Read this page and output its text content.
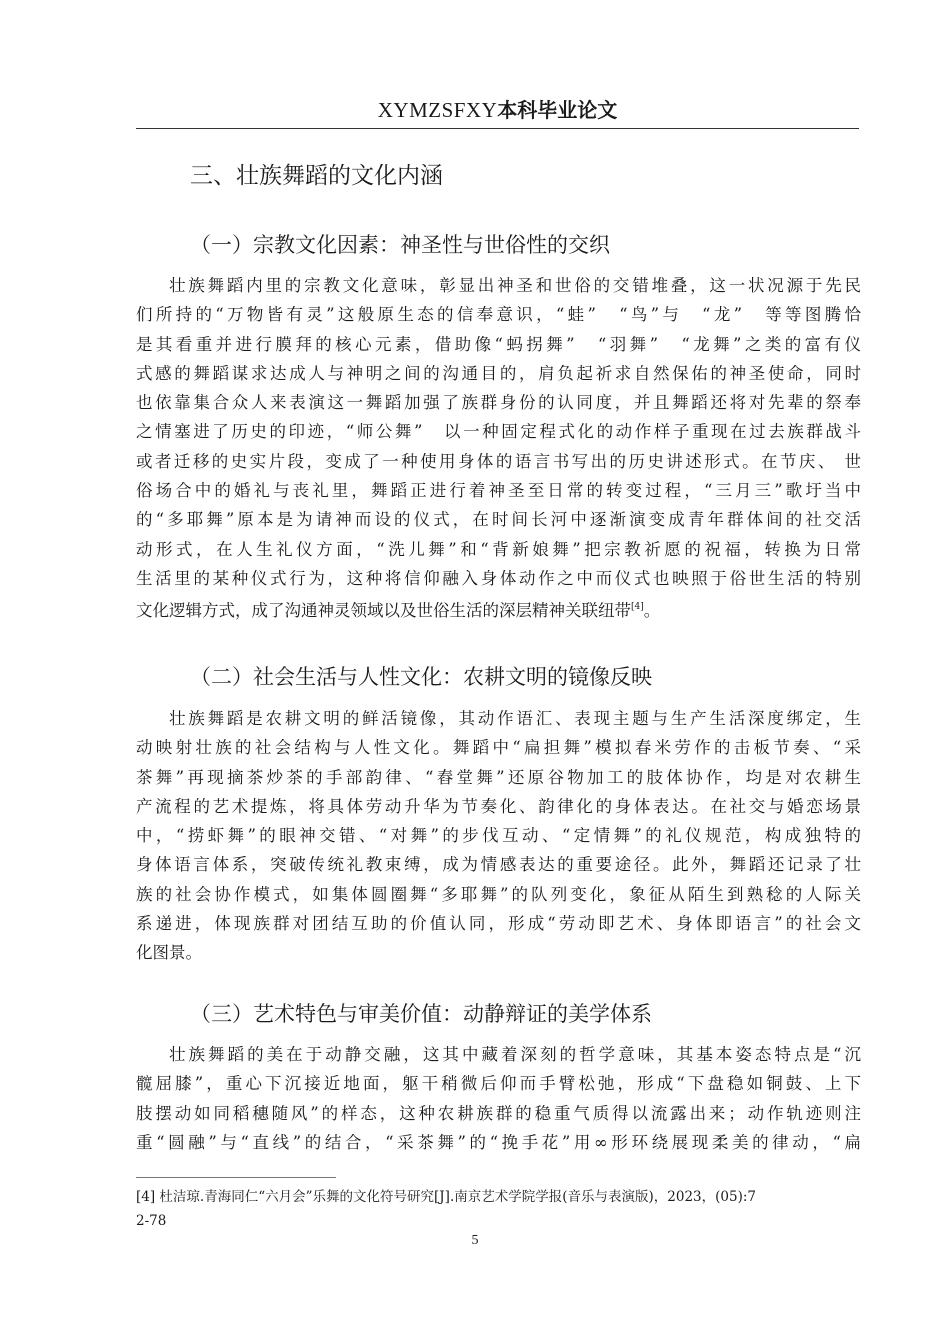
XYMZSFXY本科毕业论文
三、壮族舞蹈的文化内涵
（一）宗教文化因素：神圣性与世俗性的交织
壮族舞蹈内里的宗教文化意味，彰显出神圣和世俗的交错堆叠，这一状况源于先民
们所持的“万物皆有灵”这般原生态的信奉意识，“蛙”　“鸟”与　“龙”　等等图腾恰
是其看重并进行膜拜的核心元素，借助像“蚂拐舞”　“羽舞”　“龙舞”之类的富有仪
式感的舞蹈谋求达成人与神明之间的沟通目的，肩负起祈求自然保佑的神圣使命，同时
也依靠集合众人来表演这一舞蹈加强了族群身份的认同度，并且舞蹈还将对先辈的祭奉
之情塞进了历史的印迹，“师公舞”　以一种固定程式化的动作样子重现在过去族群战斗
或者迁移的史实片段，变成了一种使用身体的语言书写出的历史讲述形式。在节庆、 世
俗场合中的婚礼与丧礼里，舞蹈正进行着神圣至日常的转变过程，“三月三”歌圩当中
的“多耶舞”原本是为请神而设的仪式，在时间长河中逐渐演变成青年群体间的社交活
动形式，在人生礼仪方面，“洗儿舞”和“背新娘舞”把宗教祈愿的祝福，转换为日常
生活里的某种仪式行为，这种将信仰融入身体动作之中而仪式也映照于俗世生活的特别
文化逻辑方式，成了沟通神灵领域以及世俗生活的深层精神关联纽带[4]。
（二）社会生活与人性文化：农耕文明的镜像反映
壮族舞蹈是农耕文明的鲜活镜像，其动作语汇、表现主题与生产生活深度绑定，生
动映射壮族的社会结构与人性文化。舞蹈中“扁担舞”模拟春米劳作的击板节奏、“采
茶舞”再现摘茶炒茶的手部韵律、“舂堂舞”还原谷物加工的肢体协作，均是对农耕生
产流程的艺术提炼，将具体劳动升华为节奏化、韵律化的身体表达。在社交与婚恋场景
中，“捞虾舞”的眼神交错、“对舞”的步伐互动、“定情舞”的礼仪规范，构成独特的
身体语言体系，突破传统礼教束缚，成为情感表达的重要途径。此外，舞蹈还记录了壮
族的社会协作模式，如集体圆圈舞“多耶舞”的队列变化，象征从陌生到熟稔的人际关
系递进，体现族群对团结互助的价值认同，形成“劳动即艺术、身体即语言”的社会文
化图景。
（三）艺术特色与审美价值：动静辩证的美学体系
壮族舞蹈的美在于动静交融，这其中藏着深刻的哲学意味，其基本姿态特点是“沉
髋屈膝”，重心下沉接近地面，躯干稍微后仰而手臂松弛，形成“下盘稳如铜鼓、上下
肢摆动如同稻穗随风”的样态，这种农耕族群的稳重气质得以流露出来；动作轨迹则注
重“圆融”与“直线”的结合，“采茶舞”的“挽手花”用∞形环绕展现柔美的律动，“扁
[4] 杜洁琼.青海同仁“六月会”乐舞的文化符号研究[J].南京艺术学院学报(音乐与表演版)，2023，(05):7
2-78
5
